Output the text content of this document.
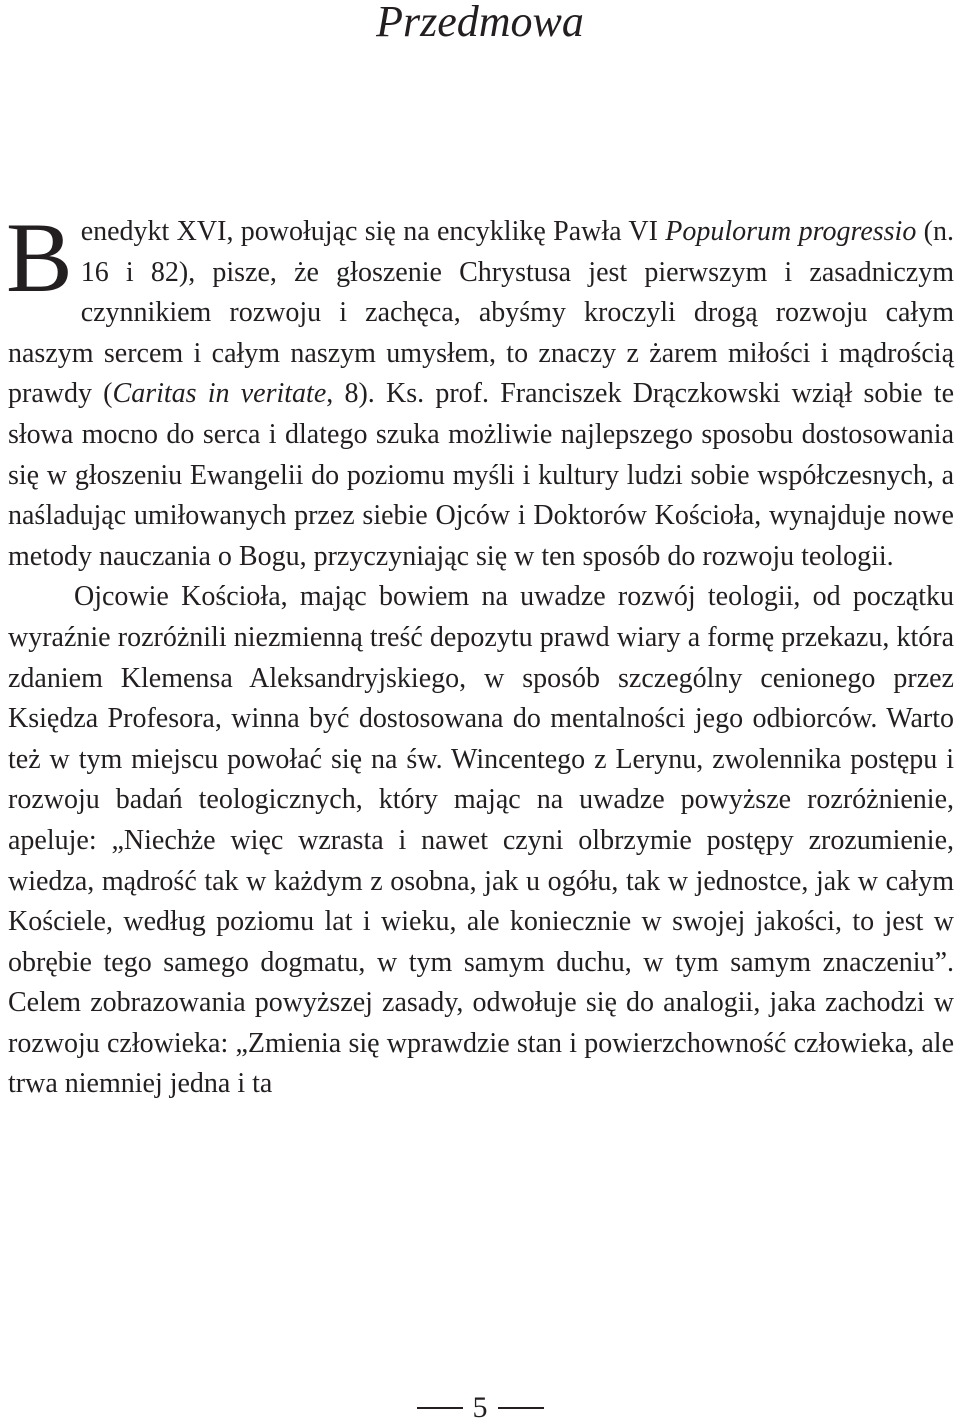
Przedmowa

Benedykt XVI, powołując się na encyklikę Pawła VI Populorum progressio (n. 16 i 82), pisze, że głoszenie Chrystusa jest pierwszym i zasadniczym czynnikiem rozwoju i zachęca, abyśmy kroczyli drogą rozwoju całym naszym sercem i całym naszym umysłem, to znaczy z żarem miłości i mądrością prawdy (Caritas in veritate, 8). Ks. prof. Franciszek Drączkowski wziął sobie te słowa mocno do serca i dlatego szuka możliwie najlepszego sposobu dostosowania się w głoszeniu Ewangelii do poziomu myśli i kultury ludzi sobie współczesnych, a naśladując umiłowanych przez siebie Ojców i Doktorów Kościoła, wynajduje nowe metody nauczania o Bogu, przyczyniając się w ten sposób do rozwoju teologii.

Ojcowie Kościoła, mając bowiem na uwadze rozwój teologii, od początku wyraźnie rozróżnili niezmienną treść depozytu prawd wiary a formę przekazu, która zdaniem Klemensa Aleksandryjskiego, w sposób szczególny cenionego przez Księdza Profesora, winna być dostosowana do mentalności jego odbiorców. Warto też w tym miejscu powołać się na św. Wincentego z Lerynu, zwolennika postępu i rozwoju badań teologicznych, który mając na uwadze powyższe rozróżnienie, apeluje: „Niechże więc wzrasta i nawet czyni olbrzymie postępy zrozumienie, wiedza, mądrość tak w każdym z osobna, jak u ogółu, tak w jednostce, jak w całym Kościele, według poziomu lat i wieku, ale koniecznie w swojej jakości, to jest w obrębie tego samego dogmatu, w tym samym duchu, w tym samym znaczeniu”. Celem zobrazowania powyższej zasady, odwołuje się do analogii, jaka zachodzi w rozwoju człowieka: „Zmienia się wprawdzie stan i powierzchowność człowieka, ale trwa niemniej jedna i ta

5
